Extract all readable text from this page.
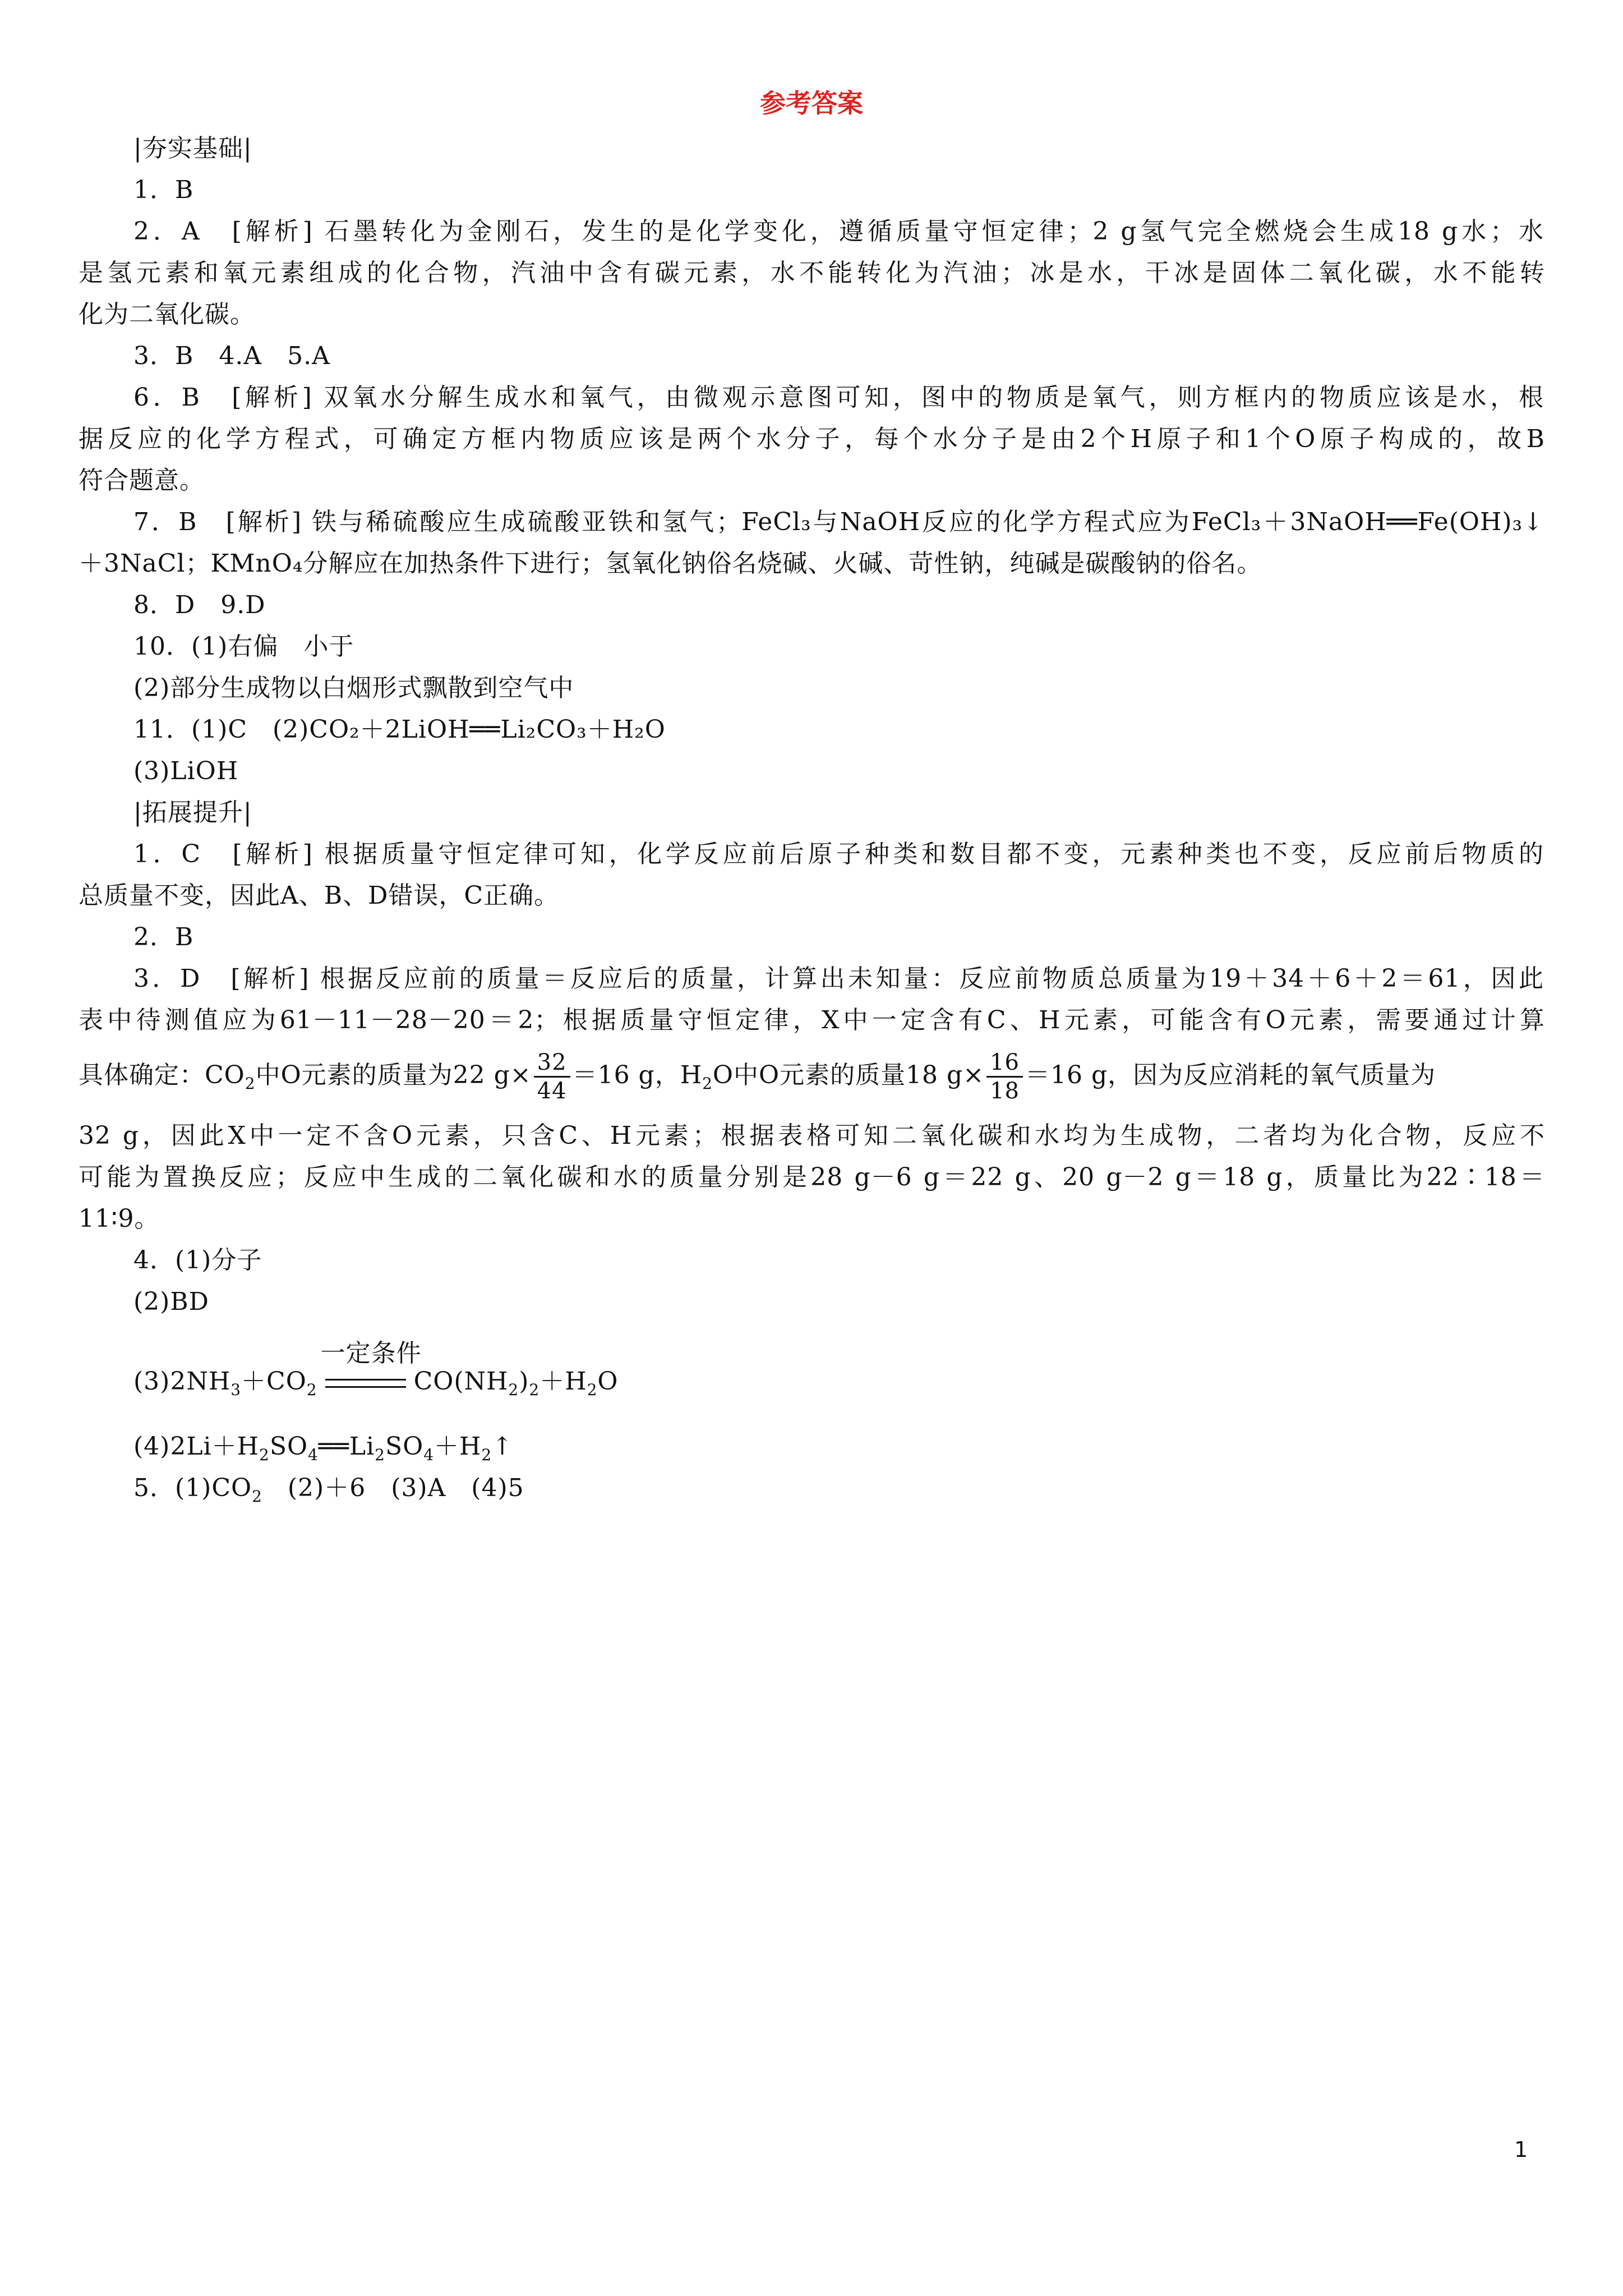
参考答案
|夯实基础|
1．B
2．A　[解析] 石墨转化为金刚石，发生的是化学变化，遵循质量守恒定律；2 g氢气完全燃烧会生成18 g水；水
是氢元素和氧元素组成的化合物，汽油中含有碳元素，水不能转化为汽油；冰是水，干冰是固体二氧化碳，水不能转
化为二氧化碳。
3．B　4.A　5.A
6．B　[解析] 双氧水分解生成水和氧气，由微观示意图可知，图中的物质是氧气，则方框内的物质应该是水，根
据反应的化学方程式，可确定方框内物质应该是两个水分子，每个水分子是由2个H原子和1个O原子构成的，故B
符合题意。
7．B　[解析] 铁与稀硫酸应生成硫酸亚铁和氢气；FeCl₃与NaOH反应的化学方程式应为FeCl₃＋3NaOH══Fe(OH)₃↓
＋3NaCl；KMnO₄分解应在加热条件下进行；氢氧化钠俗名烧碱、火碱、苛性钠，纯碱是碳酸钠的俗名。
8．D　9.D
10．(1)右偏　小于
(2)部分生成物以白烟形式飘散到空气中
11．(1)C　(2)CO₂＋2LiOH══Li₂CO₃＋H₂O
(3)LiOH
|拓展提升|
1．C　[解析] 根据质量守恒定律可知，化学反应前后原子种类和数目都不变，元素种类也不变，反应前后物质的
总质量不变，因此A、B、D错误，C正确。
2．B
3．D　[解析] 根据反应前的质量＝反应后的质量，计算出未知量：反应前物质总质量为19＋34＋6＋2＝61，因此
表中待测值应为61－11－28－20＝2；根据质量守恒定律，X中一定含有C、H元素，可能含有O元素，需要通过计算
具体确定：$CO_2$中O元素的质量为22 $g\times \frac{32}{44} =16$ g，$H_2O$中O元素的质量18 $g\times \frac{16}{18} =16$ g，因为反应消耗的氧气质量为
32 g，因此X中一定不含O元素，只含C、H元素；根据表格可知二氧化碳和水均为生成物，二者均为化合物，反应不
可能为置换反应；反应中生成的二氧化碳和水的质量分别是28 g－6 g＝22 g、20 g－2 g＝18 g，质量比为22∶18＝
11∶9。
4．(1)分子
(2)BD
$(3)2NH_3+CO_2$
一定条件
$CO(NH_2)_2+H_2O$
$(4)2Li+H_2SO_4══Li_2SO_4+H_2↑$
5．$(1)CO_2$　(2)＋6　(3)A　(4)5
1
